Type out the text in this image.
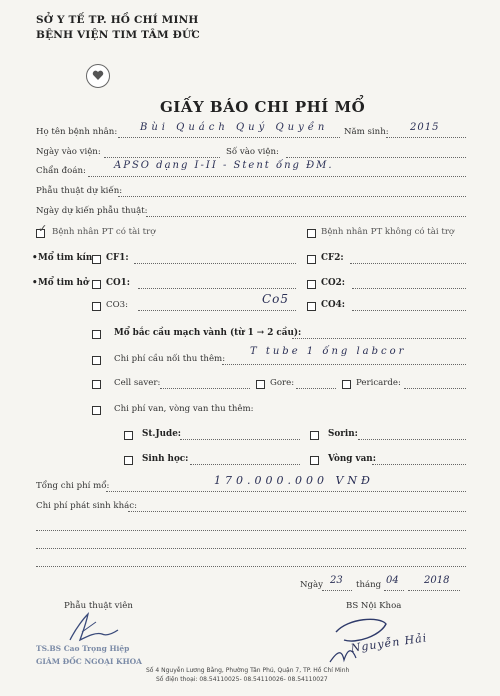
SỞ Y TẾ TP. HỒ CHÍ MINH
BỆNH VIỆN TIM TÂM ĐỨC
GIẤY BÁO CHI PHÍ MỔ
Họ tên bệnh nhân: Bùi Quách Quý Quyền Năm sinh: 2015
Ngày vào viện:	Số vào viện:
Chẩn đoán:	APSO dạng I-II - Stent ống ĐM.
Phẫu thuật dự kiến:
Ngày dự kiến phẫu thuật:
✓ Bệnh nhân PT có tài trợ	Bệnh nhân PT không có tài trợ
• Mổ tim kín CF1:	CF2:
• Mổ tim hở CO1:	CO2:
CO3:	Co5	CO4:
Mổ bắc cầu mạch vành (từ 1 → 2 cầu):
Chi phí cầu nối thu thêm:
T tube 1 ống labcor
Cell saver:	Gore:	Pericarde:
Chi phí van, vòng van thu thêm:
St.Jude:	Sorin:
Sinh học:	Vòng van:
Tổng chi phí mổ:	170.000.000 VNĐ
Chi phí phát sinh khác:
Ngày 23 tháng 04	2018
Phẫu thuật viên	BS Nội Khoa
TS.BS Cao Trọng Hiệp
GIÁM ĐỐC NGOẠI KHOA
Nguyễn Hải
Số 4 Nguyễn Lương Bằng, Phường Tân Phú, Quận 7, TP. Hồ Chí Minh
Số điện thoại: 08.54110025- 08.54110026- 08.54110027
